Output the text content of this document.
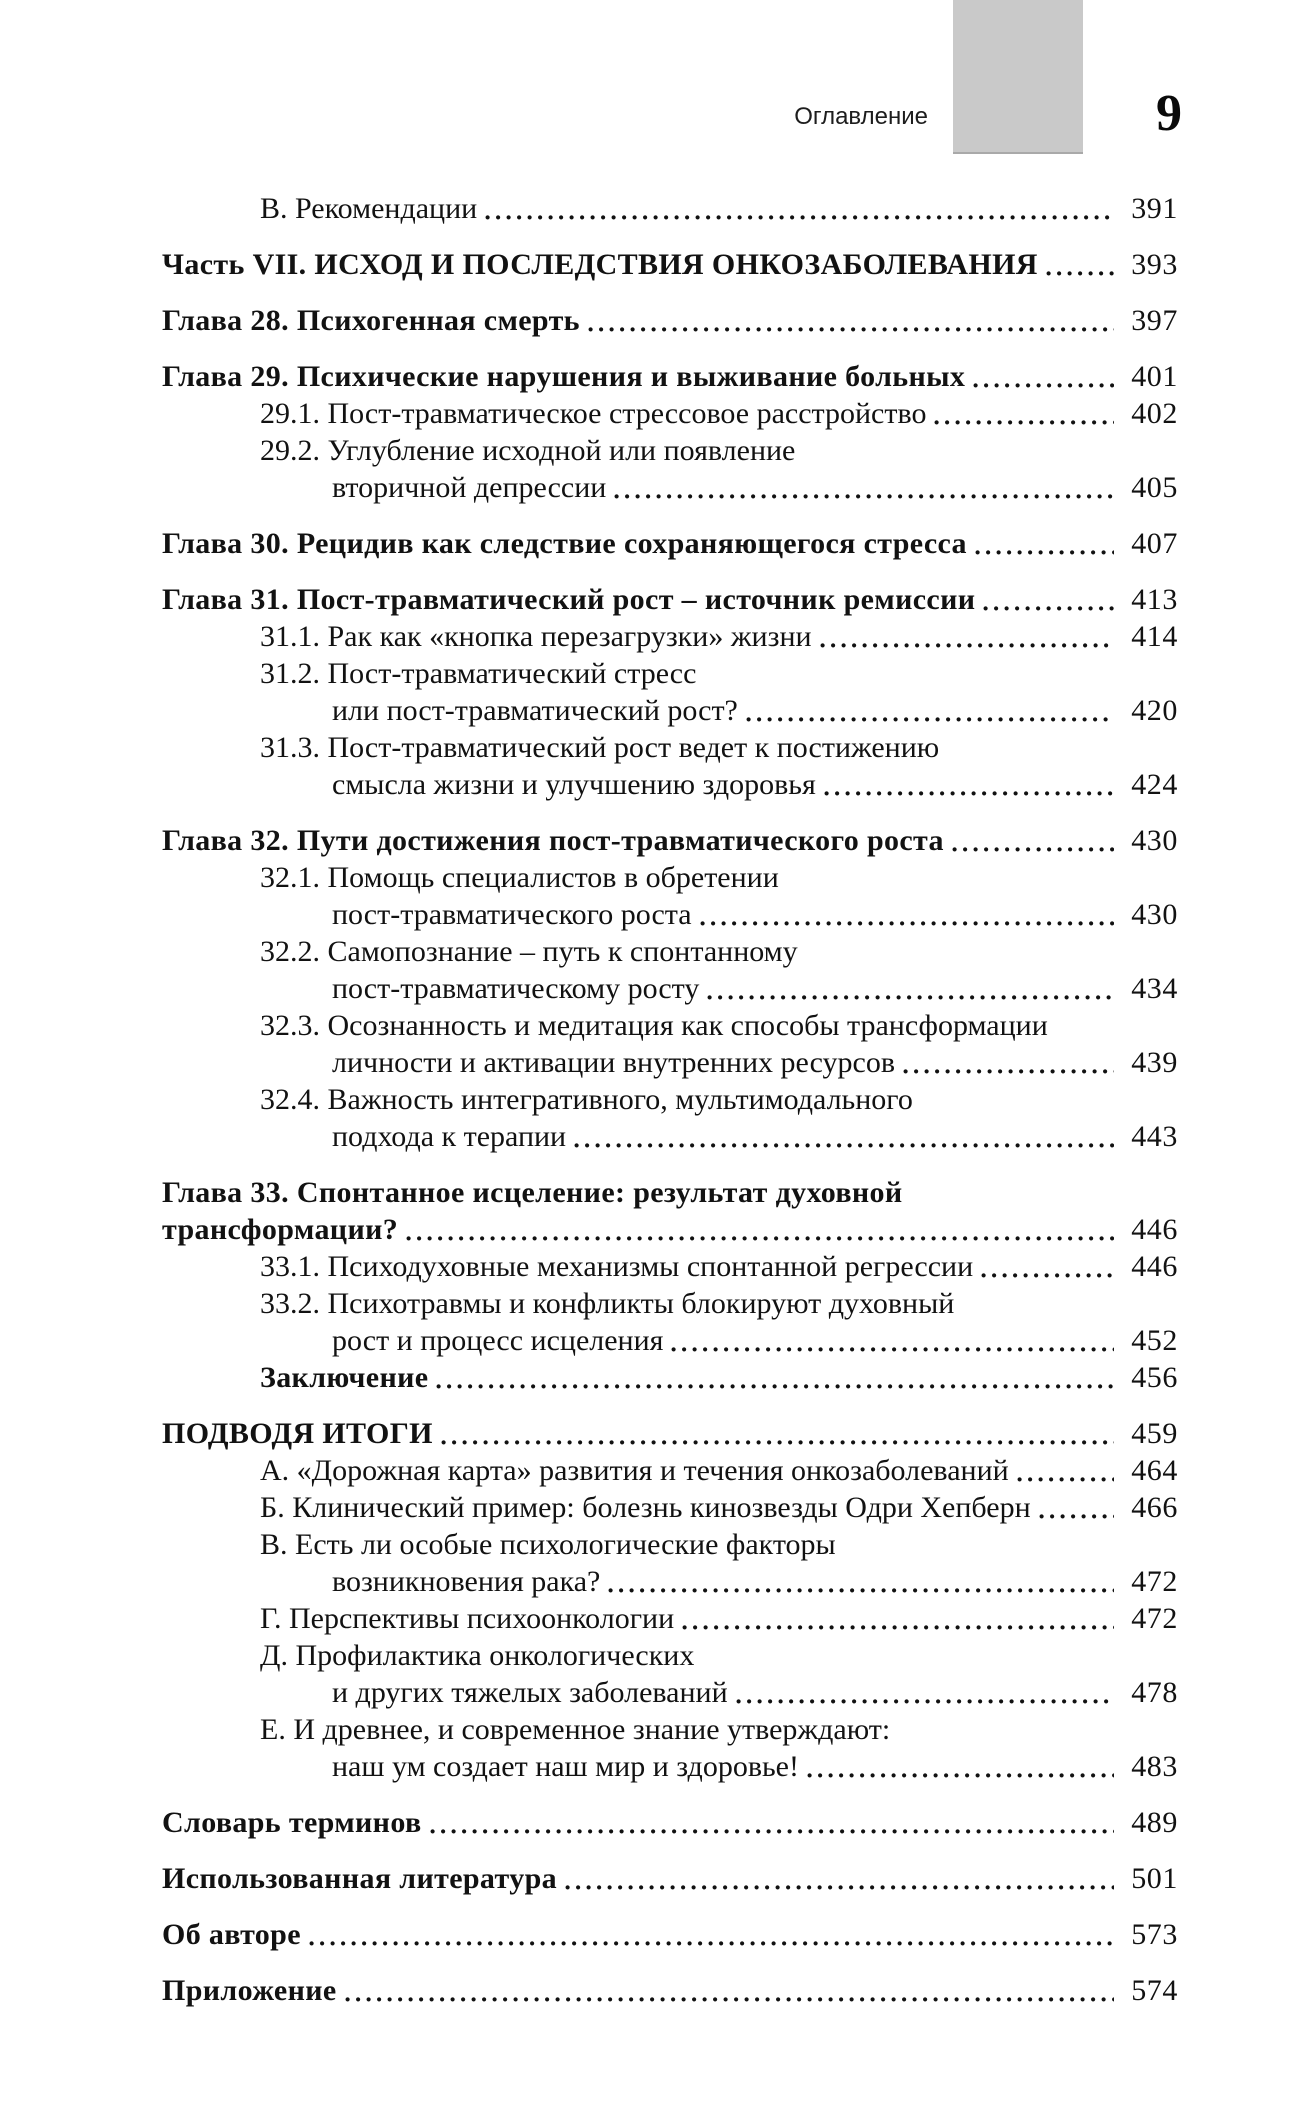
Оглавление	9
В. Рекомендации	391
Часть VII. ИСХОД И ПОСЛЕДСТВИЯ ОНКОЗАБОЛЕВАНИЯ	393
Глава 28. Психогенная смерть	397
Глава 29. Психические нарушения и выживание больных	401
29.1. Пост-травматическое стрессовое расстройство	402
29.2. Углубление исходной или появление
вторичной депрессии	405
Глава 30. Рецидив как следствие сохраняющегося стресса	407
Глава 31. Пост-травматический рост – источник ремиссии	413
31.1. Рак как «кнопка перезагрузки» жизни	414
31.2. Пост-травматический стресс
или пост-травматический рост?	420
31.3. Пост-травматический рост ведет к постижению
смысла жизни и улучшению здоровья	424
Глава 32. Пути достижения пост-травматического роста	430
32.1. Помощь специалистов в обретении
пост-травматического роста	430
32.2. Самопознание – путь к спонтанному
пост-травматическому росту	434
32.3. Осознанность и медитация как способы трансформации
личности и активации внутренних ресурсов	439
32.4. Важность интегративного, мультимодального
подхода к терапии	443
Глава 33. Спонтанное исцеление: результат духовной
трансформации?	446
33.1. Психодуховные механизмы спонтанной регрессии	446
33.2. Психотравмы и конфликты блокируют духовный
рост и процесс исцеления	452
Заключение	456
ПОДВОДЯ ИТОГИ	459
А. «Дорожная карта» развития и течения онкозаболеваний	464
Б. Клинический пример: болезнь кинозвезды Одри Хепберн	466
В. Есть ли особые психологические факторы
возникновения рака?	472
Г. Перспективы психоонкологии	472
Д. Профилактика онкологических
и других тяжелых заболеваний	478
Е. И древнее, и современное знание утверждают:
наш ум создает наш мир и здоровье!	483
Словарь терминов	489
Использованная литература	501
Об авторе	573
Приложение	574
